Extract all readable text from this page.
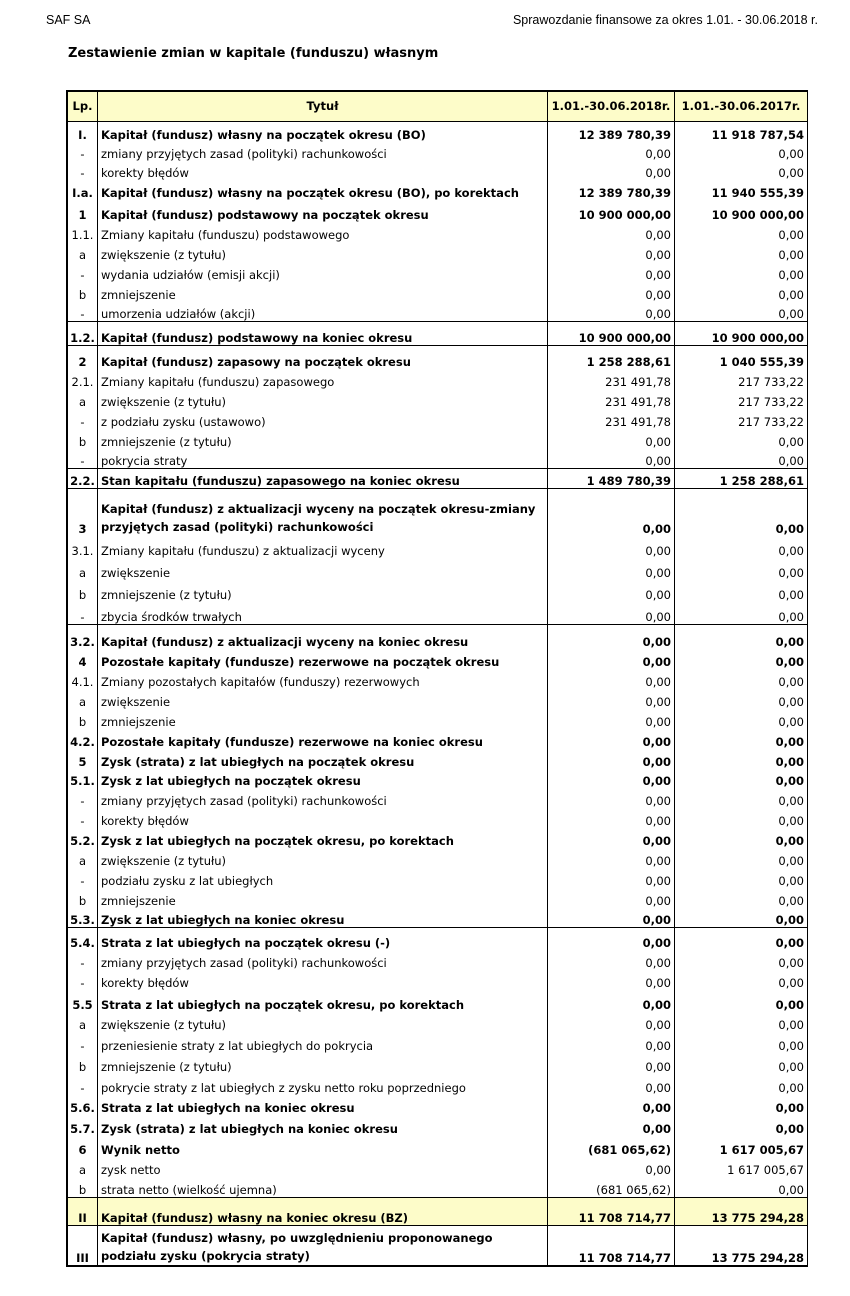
SAF SA	Sprawozdanie finansowe za okres 1.01. - 30.06.2018 r.
Zestawienie zmian w kapitale (funduszu) własnym
Lp.	Tytuł	1.01.-30.06.2018r.	1.01.-30.06.2017r.
I.	Kapitał (fundusz) własny na początek okresu (BO)	12 389 780,39	11 918 787,54
-	zmiany przyjętych zasad (polityki) rachunkowości	0,00	0,00
-	korekty błędów	0,00	0,00
I.a.	Kapitał (fundusz) własny na początek okresu (BO), po korektach	12 389 780,39	11 940 555,39
1	Kapitał (fundusz) podstawowy na początek okresu	10 900 000,00	10 900 000,00
1.1.	Zmiany kapitału (funduszu) podstawowego	0,00	0,00
a	zwiększenie (z tytułu)	0,00	0,00
-	wydania udziałów (emisji akcji)	0,00	0,00
b	zmniejszenie	0,00	0,00
-	umorzenia udziałów (akcji)	0,00	0,00
1.2.	Kapitał (fundusz) podstawowy na koniec okresu	10 900 000,00	10 900 000,00
2	Kapitał (fundusz) zapasowy na początek okresu	1 258 288,61	1 040 555,39
2.1.	Zmiany kapitału (funduszu) zapasowego	231 491,78	217 733,22
a	zwiększenie (z tytułu)	231 491,78	217 733,22
-	z podziału zysku (ustawowo)	231 491,78	217 733,22
b	zmniejszenie (z tytułu)	0,00	0,00
-	pokrycia straty	0,00	0,00
2.2.	Stan kapitału (funduszu) zapasowego na koniec okresu	1 489 780,39	1 258 288,61
3	Kapitał (fundusz) z aktualizacji wyceny na początek okresu-zmiany przyjętych zasad (polityki) rachunkowości	0,00	0,00
3.1.	Zmiany kapitału (funduszu) z aktualizacji wyceny	0,00	0,00
a	zwiększenie	0,00	0,00
b	zmniejszenie (z tytułu)	0,00	0,00
-	zbycia środków trwałych	0,00	0,00
3.2.	Kapitał (fundusz) z aktualizacji wyceny na koniec okresu	0,00	0,00
4	Pozostałe kapitały (fundusze) rezerwowe na początek okresu	0,00	0,00
4.1.	Zmiany pozostałych kapitałów (funduszy) rezerwowych	0,00	0,00
a	zwiększenie	0,00	0,00
b	zmniejszenie	0,00	0,00
4.2.	Pozostałe kapitały (fundusze) rezerwowe na koniec okresu	0,00	0,00
5	Zysk (strata) z lat ubiegłych na początek okresu	0,00	0,00
5.1.	Zysk z lat ubiegłych na początek okresu	0,00	0,00
-	zmiany przyjętych zasad (polityki) rachunkowości	0,00	0,00
-	korekty błędów	0,00	0,00
5.2.	Zysk z lat ubiegłych na początek okresu, po korektach	0,00	0,00
a	zwiększenie (z tytułu)	0,00	0,00
-	podziału zysku z lat ubiegłych	0,00	0,00
b	zmniejszenie	0,00	0,00
5.3.	Zysk z lat ubiegłych na koniec okresu	0,00	0,00
5.4.	Strata z lat ubiegłych na początek okresu (-)	0,00	0,00
-	zmiany przyjętych zasad (polityki) rachunkowości	0,00	0,00
-	korekty błędów	0,00	0,00
5.5	Strata z lat ubiegłych na początek okresu, po korektach	0,00	0,00
a	zwiększenie (z tytułu)	0,00	0,00
-	przeniesienie straty z lat ubiegłych do pokrycia	0,00	0,00
b	zmniejszenie (z tytułu)	0,00	0,00
-	pokrycie straty z lat ubiegłych z zysku netto roku poprzedniego	0,00	0,00
5.6.	Strata z lat ubiegłych na koniec okresu	0,00	0,00
5.7.	Zysk (strata) z lat ubiegłych na koniec okresu	0,00	0,00
6	Wynik netto	(681 065,62)	1 617 005,67
a	zysk netto	0,00	1 617 005,67
b	strata netto (wielkość ujemna)	(681 065,62)	0,00
II	Kapitał (fundusz) własny na koniec okresu (BZ)	11 708 714,77	13 775 294,28
III	Kapitał (fundusz) własny, po uwzględnieniu proponowanego podziału zysku (pokrycia straty)	11 708 714,77	13 775 294,28
